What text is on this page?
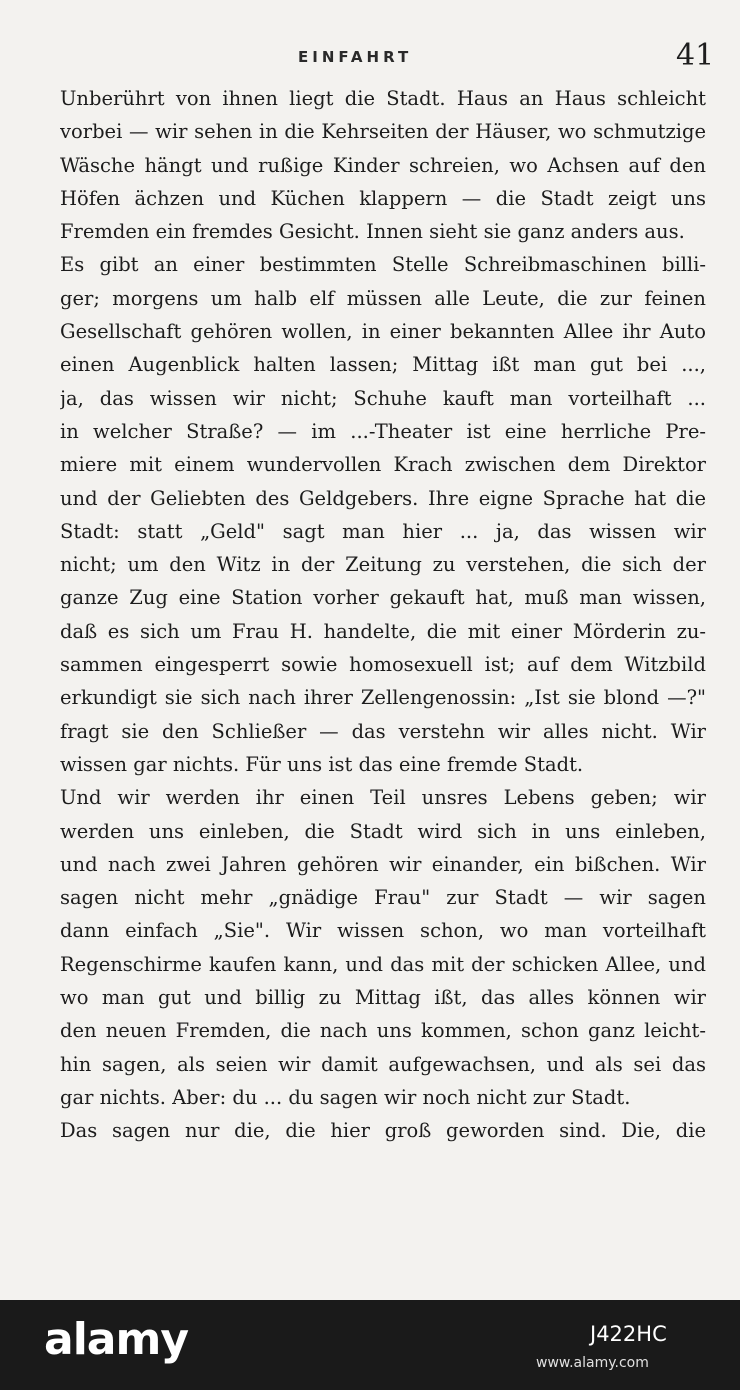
EINFAHRT	41
Unberührt von ihnen liegt die Stadt. Haus an Haus schleicht
vorbei — wir sehen in die Kehrseiten der Häuser, wo schmutzige
Wäsche hängt und rußige Kinder schreien, wo Achsen auf den
Höfen ächzen und Küchen klappern — die Stadt zeigt uns
Fremden ein fremdes Gesicht. Innen sieht sie ganz anders aus.
Es gibt an einer bestimmten Stelle Schreibmaschinen billi-
ger; morgens um halb elf müssen alle Leute, die zur feinen
Gesellschaft gehören wollen, in einer bekannten Allee ihr Auto
einen Augenblick halten lassen; Mittag ißt man gut bei ...,
ja, das wissen wir nicht; Schuhe kauft man vorteilhaft ...
in welcher Straße? — im ...-Theater ist eine herrliche Pre-
miere mit einem wundervollen Krach zwischen dem Direktor
und der Geliebten des Geldgebers. Ihre eigne Sprache hat die
Stadt: statt „Geld" sagt man hier ... ja, das wissen wir
nicht; um den Witz in der Zeitung zu verstehen, die sich der
ganze Zug eine Station vorher gekauft hat, muß man wissen,
daß es sich um Frau H. handelte, die mit einer Mörderin zu-
sammen eingesperrt sowie homosexuell ist; auf dem Witzbild
erkundigt sie sich nach ihrer Zellengenossin: „Ist sie blond —?"
fragt sie den Schließer — das verstehn wir alles nicht. Wir
wissen gar nichts. Für uns ist das eine fremde Stadt.
Und wir werden ihr einen Teil unsres Lebens geben; wir
werden uns einleben, die Stadt wird sich in uns einleben,
und nach zwei Jahren gehören wir einander, ein bißchen. Wir
sagen nicht mehr „gnädige Frau" zur Stadt — wir sagen
dann einfach „Sie". Wir wissen schon, wo man vorteilhaft
Regenschirme kaufen kann, und das mit der schicken Allee, und
wo man gut und billig zu Mittag ißt, das alles können wir
den neuen Fremden, die nach uns kommen, schon ganz leicht-
hin sagen, als seien wir damit aufgewachsen, und als sei das
gar nichts. Aber: du ... du sagen wir noch nicht zur Stadt.
Das sagen nur die, die hier groß geworden sind. Die, die
alamy	J422HC
www.alamy.com
